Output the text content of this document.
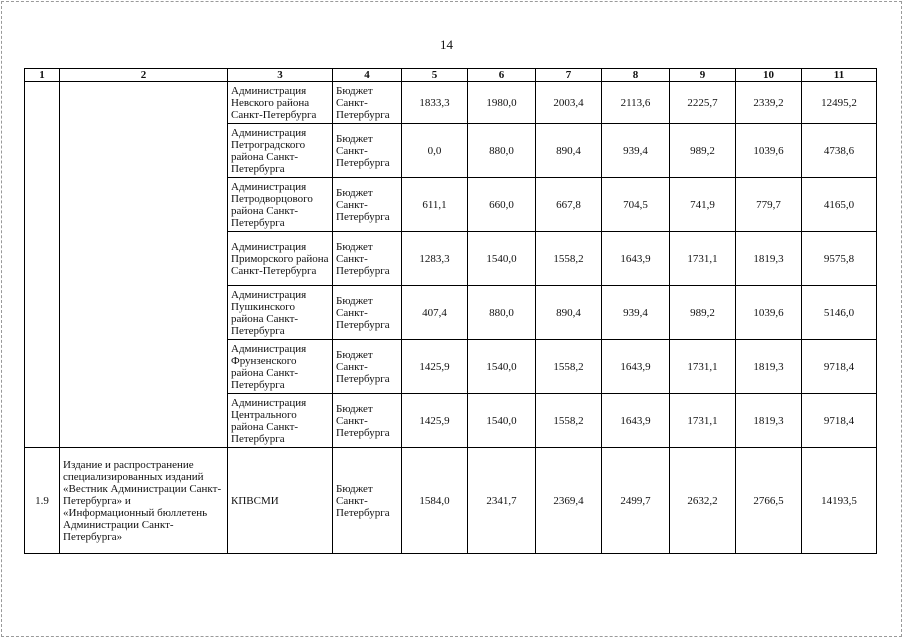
14
1	2	3	4	5	6	7	8	9	10	11
		Администрация Невского района Санкт-Петербурга	Бюджет Санкт-Петербурга	1833,3	1980,0	2003,4	2113,6	2225,7	2339,2	12495,2
		Администрация Петроградского района Санкт-Петербурга	Бюджет Санкт-Петербурга	0,0	880,0	890,4	939,4	989,2	1039,6	4738,6
		Администрация Петродворцового района Санкт-Петербурга	Бюджет Санкт-Петербурга	611,1	660,0	667,8	704,5	741,9	779,7	4165,0
		Администрация Приморского района Санкт-Петербурга	Бюджет Санкт-Петербурга	1283,3	1540,0	1558,2	1643,9	1731,1	1819,3	9575,8
		Администрация Пушкинского района Санкт-Петербурга	Бюджет Санкт-Петербурга	407,4	880,0	890,4	939,4	989,2	1039,6	5146,0
		Администрация Фрунзенского района Санкт-Петербурга	Бюджет Санкт-Петербурга	1425,9	1540,0	1558,2	1643,9	1731,1	1819,3	9718,4
		Администрация Центрального района Санкт-Петербурга	Бюджет Санкт-Петербурга	1425,9	1540,0	1558,2	1643,9	1731,1	1819,3	9718,4
1.9	Издание и распространение специализированных изданий «Вестник Администрации Санкт-Петербурга» и «Информационный бюллетень Администрации Санкт-Петербурга»	КПВСМИ	Бюджет Санкт-Петербурга	1584,0	2341,7	2369,4	2499,7	2632,2	2766,5	14193,5
